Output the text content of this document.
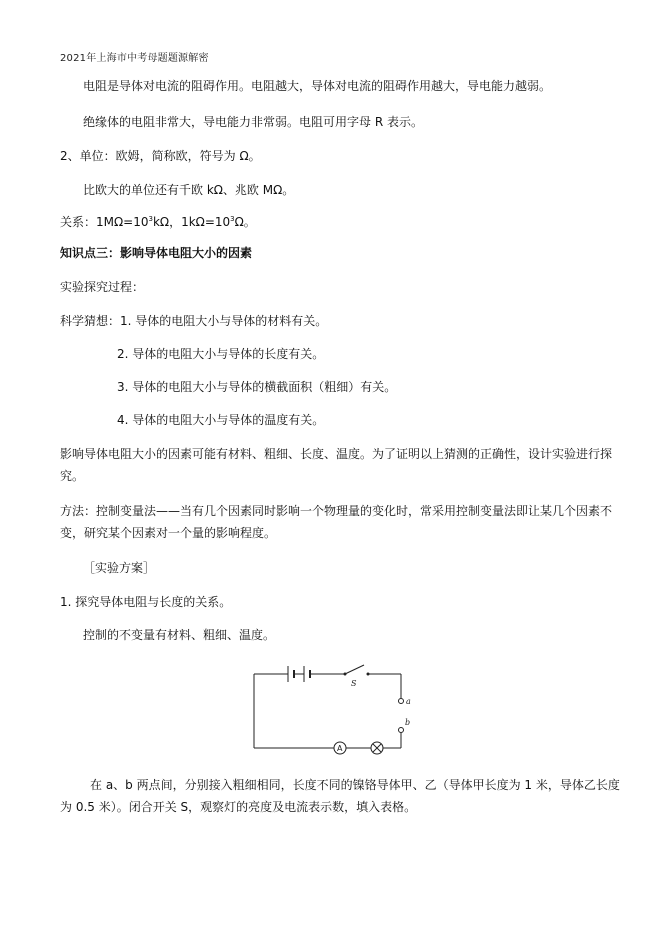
2021年上海市中考母题题源解密
电阻是导体对电流的阻碍作用。电阻越大，导体对电流的阻碍作用越大，导电能力越弱。
绝缘体的电阻非常大，导电能力非常弱。电阻可用字母 R 表示。
2、单位：欧姆，简称欧，符号为 Ω。
比欧大的单位还有千欧 kΩ、兆欧 MΩ。
关系：$1M\Omega=10^3k\Omega$，$1k\Omega=10^3\Omega$。
知识点三：影响导体电阻大小的因素
实验探究过程：
科学猜想：1. 导体的电阻大小与导体的材料有关。
2. 导体的电阻大小与导体的长度有关。
3. 导体的电阻大小与导体的横截面积（粗细）有关。
4. 导体的电阻大小与导体的温度有关。
影响导体电阻大小的因素可能有材料、粗细、长度、温度。为了证明以上猜测的正确性，设计实验进行探
究。
方法：控制变量法——当有几个因素同时影响一个物理量的变化时，常采用控制变量法即让某几个因素不
变，研究某个因素对一个量的影响程度。
［实验方案］
1. 探究导体电阻与长度的关系。
控制的不变量有材料、粗细、温度。
S
a
b
A
在 a、b 两点间，分别接入粗细相同，长度不同的镍铬导体甲、乙（导体甲长度为 1 米，导体乙长度
为 0.5 米）。闭合开关 S，观察灯的亮度及电流表示数，填入表格。
